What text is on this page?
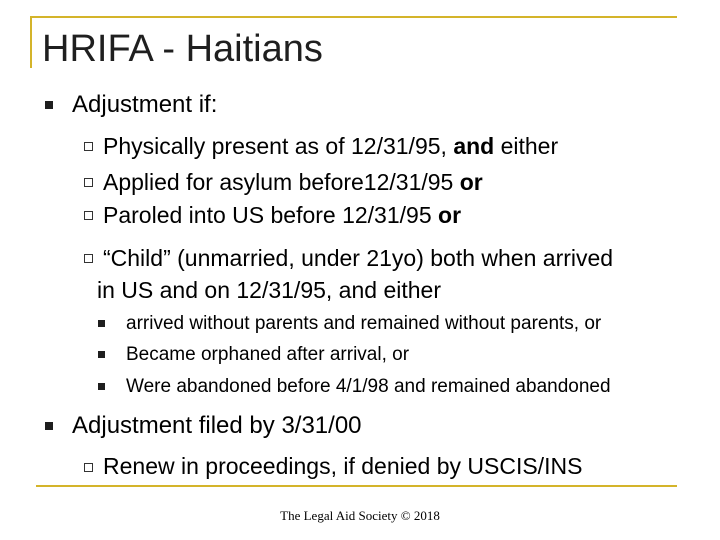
HRIFA - Haitians
Adjustment if:
Physically present as of 12/31/95, and either
Applied for asylum before12/31/95 or
Paroled into US before 12/31/95 or
“Child” (unmarried, under 21yo) both when arrived
in US and on 12/31/95, and either
arrived without parents and remained without parents, or
Became orphaned after arrival, or
Were abandoned before 4/1/98 and remained abandoned
Adjustment filed by 3/31/00
Renew in proceedings, if denied by USCIS/INS
The Legal Aid Society © 2018
